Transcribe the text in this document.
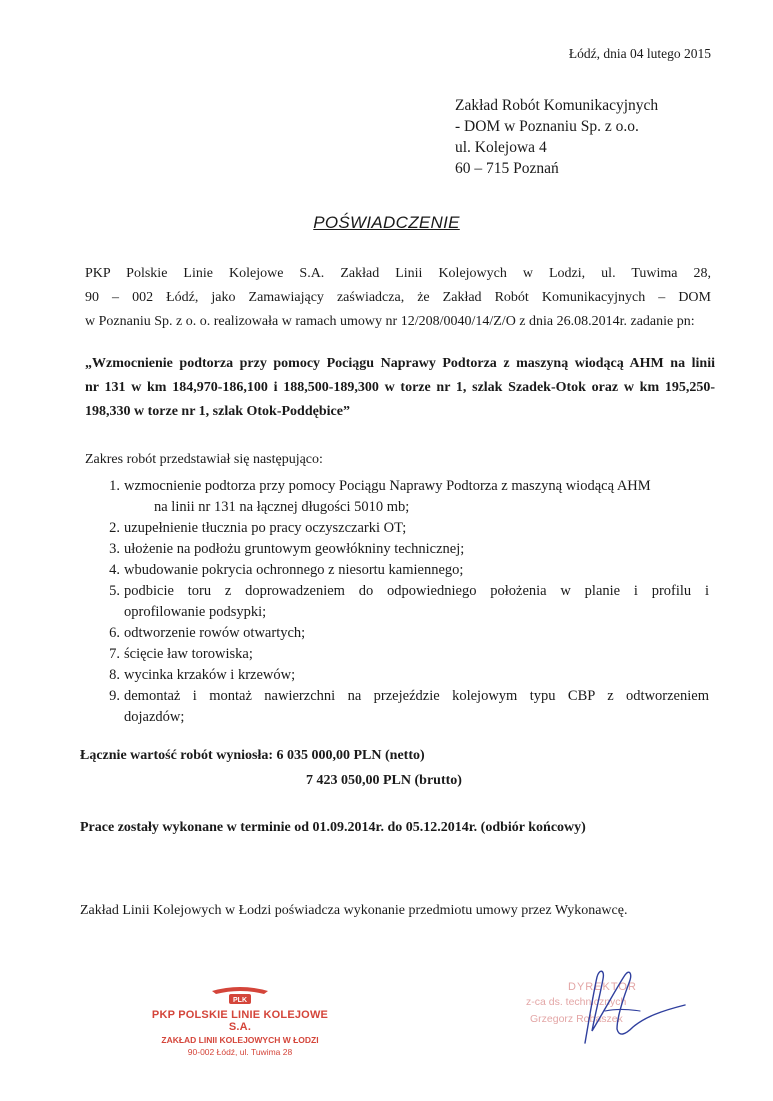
Łódź, dnia 04 lutego 2015
Zakład Robót Komunikacyjnych
- DOM w Poznaniu Sp. z o.o.
ul. Kolejowa 4
60 – 715 Poznań
POŚWIADCZENIE
PKP Polskie Linie Kolejowe S.A. Zakład Linii Kolejowych w Lodzi, ul. Tuwima 28,
90 – 002 Łódź, jako Zamawiający zaświadcza, że Zakład Robót Komunikacyjnych – DOM
w Poznaniu Sp. z o. o. realizowała w ramach umowy nr 12/208/0040/14/Z/O z dnia 26.08.2014r. zadanie pn:
„Wzmocnienie podtorza przy pomocy Pociągu Naprawy Podtorza z maszyną wiodącą AHM na linii
nr 131 w km 184,970-186,100 i 188,500-189,300 w torze nr 1, szlak Szadek-Otok oraz w km 195,250-
198,330 w torze nr 1, szlak Otok-Poddębice”
Zakres robót przedstawiał się następująco:
1. wzmocnienie podtorza przy pomocy Pociągu Naprawy Podtorza z maszyną wiodącą AHM
na linii nr 131 na łącznej długości 5010 mb;
2. uzupełnienie tłucznia po pracy oczyszczarki OT;
3. ułożenie na podłożu gruntowym geowłókniny technicznej;
4. wbudowanie pokrycia ochronnego z niesortu kamiennego;
5. podbicie toru z doprowadzeniem do odpowiedniego położenia w planie i profilu i
oprofilowanie podsypki;
6. odtworzenie rowów otwartych;
7. ścięcie ław torowiska;
8. wycinka krzaków i krzewów;
9. demontaż i montaż nawierzchni na przejeździe kolejowym typu CBP z odtworzeniem
dojazdów;
Łącznie wartość robót wyniosła: 6 035 000,00 PLN (netto)
7 423 050,00 PLN (brutto)
Prace zostały wykonane w terminie od 01.09.2014r. do 05.12.2014r. (odbiór końcowy)
Zakład Linii Kolejowych w Łodzi poświadcza wykonanie przedmiotu umowy przez Wykonawcę.
PLK
PKP POLSKIE LINIE KOLEJOWE S.A.
ZAKŁAD LINII KOLEJOWYCH W ŁODZI
90-002 Łódź, ul. Tuwima 28
DYREKTOR
z-ca ds. technicznych
Grzegorz Robaszek
